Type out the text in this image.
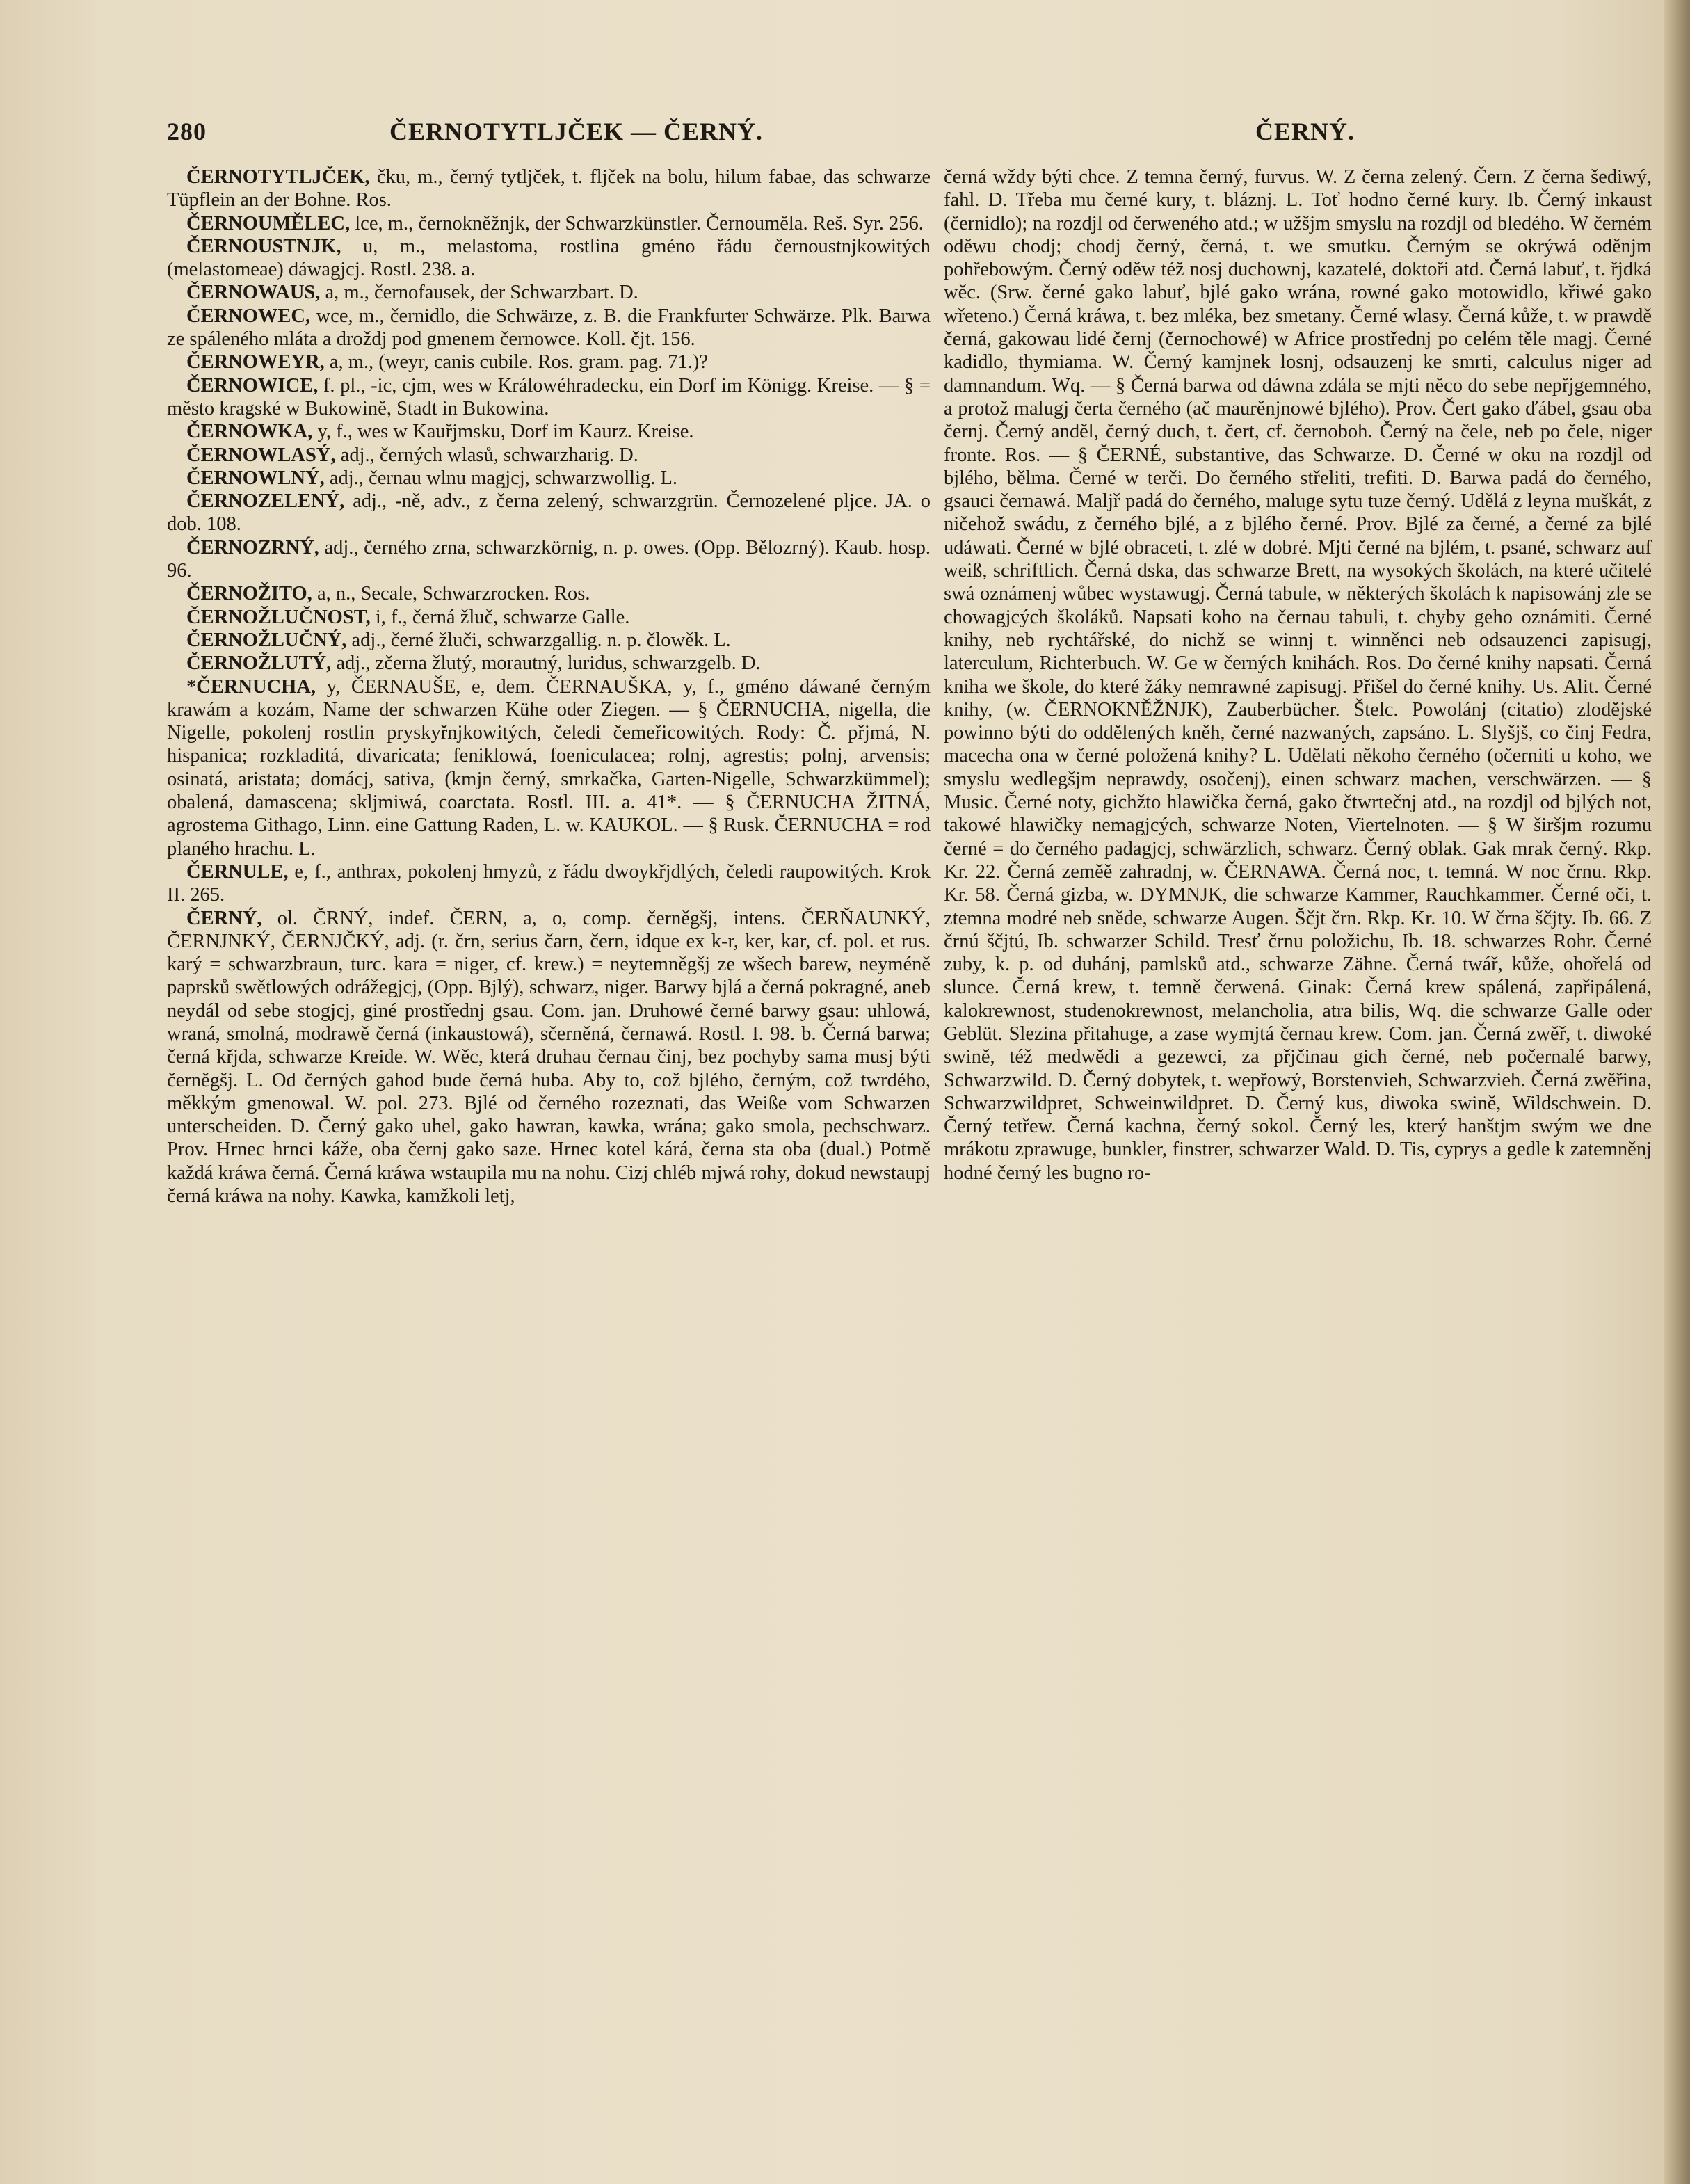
280	ČERNOTYTLJČEK — ČERNÝ.	ČERNÝ.

ČERNOTYTLJČEK, čku, m., černý tytljček, t. fljček na bolu, hilum fabae, das schwarze Tüpflein an der Bohne. Ros.

ČERNOUMĚLEC, lce, m., černokněžnjk, der Schwarzkünstler. Černouměla. Reš. Syr. 256.

ČERNOUSTNJK, u, m., melastoma, rostlina gméno řádu černoustnjkowitých (melastomeae) dáwagjcj. Rostl. 238. a.

ČERNOWAUS, a, m., černofausek, der Schwarzbart. D.

ČERNOWEC, wce, m., černidlo, die Schwärze, z. B. die Frankfurter Schwärze. Plk. Barwa ze spáleného mláta a droždj pod gmenem černowce. Koll. čjt. 156.

ČERNOWEYR, a, m., (weyr, canis cubile. Ros. gram. pag. 71.)?

ČERNOWICE, f. pl., -ic, cjm, wes w Králowéhradecku, ein Dorf im Königg. Kreise. — § = město kragské w Bukowině, Stadt in Bukowina.

ČERNOWKA, y, f., wes w Kauřjmsku, Dorf im Kaurz. Kreise.

ČERNOWLASÝ, adj., černých wlasů, schwarzharig. D.

ČERNOWLNÝ, adj., černau wlnu magjcj, schwarzwollig. L.

ČERNOZELENÝ, adj., -ně, adv., z černa zelený, schwarzgrün. Černozelené pljce. JA. o dob. 108.

ČERNOZRNÝ, adj., černého zrna, schwarzkörnig, n. p. owes. (Opp. Bělozrný). Kaub. hosp. 96.

ČERNOŽITO, a, n., Secale, Schwarzrocken. Ros.

ČERNOŽLUČNOST, i, f., černá žluč, schwarze Galle.

ČERNOŽLUČNÝ, adj., černé žluči, schwarzgallig. n. p. člowěk. L.

ČERNOŽLUTÝ, adj., zčerna žlutý, morautný, luridus, schwarzgelb. D.

*ČERNUCHA, y, ČERNAUŠE, e, dem. ČERNAUŠKA, y, f., gméno dáwané černým krawám a kozám, Name der schwarzen Kühe oder Ziegen. — § ČERNUCHA, nigella, die Nigelle, pokolenj rostlin pryskyřnjkowitých, čeledi čemeřicowitých. Rody: Č. přjmá, N. hispanica; rozkladitá, divaricata; feniklowá, foeniculacea; rolnj, agrestis; polnj, arvensis; osinatá, aristata; domácj, sativa, (kmjn černý, smrkačka, Garten-Nigelle, Schwarzkümmel); obalená, damascena; skljmiwá, coarctata. Rostl. III. a. 41*. — § ČERNUCHA ŽITNÁ, agrostema Githago, Linn. eine Gattung Raden, L. w. KAUKOL. — § Rusk. ČERNUCHA = rod planého hrachu. L.

ČERNULE, e, f., anthrax, pokolenj hmyzů, z řádu dwoykřjdlých, čeledi raupowitých. Krok II. 265.

ČERNÝ, ol. ČRNÝ, indef. ČERN, a, o, comp. černěgšj, intens. ČERŇAUNKÝ, ČERNJNKÝ, ČERNJČKÝ, adj. (r. črn, serius čarn, čern, idque ex k-r, ker, kar, cf. pol. et rus. karý = schwarzbraun, turc. kara = niger, cf. krew.) = neytemněgšj ze wšech barew, neyméně paprsků swětlowých odrážegjcj, (Opp. Bjlý), schwarz, niger. Barwy bjlá a černá pokragné, aneb neydál od sebe stogjcj, giné prostřednj gsau. Com. jan. Druhowé černé barwy gsau: uhlowá, wraná, smolná, modrawě černá (inkaustowá), sčerněná, černawá. Rostl. I. 98. b. Černá barwa; černá křjda, schwarze Kreide. W. Wěc, která druhau černau činj, bez pochyby sama musj býti černěgšj. L. Od černých gahod bude černá huba. Aby to, což bjlého, černým, což twrdého, měkkým gmenowal. W. pol. 273. Bjlé od černého rozeznati, das Weiße vom Schwarzen unterscheiden. D. Černý gako uhel, gako hawran, kawka, wrána; gako smola, pechschwarz. Prov. Hrnec hrnci káže, oba černj gako saze. Hrnec kotel kárá, černa sta oba (dual.) Potmě každá kráwa černá. Černá kráwa wstaupila mu na nohu. Cizj chléb mjwá rohy, dokud newstaupj černá kráwa na nohy. Kawka, kamžkoli letj,

černá wždy býti chce. Z temna černý, furvus. W. Z černa zelený. Čern. Z černa šediwý, fahl. D. Třeba mu černé kury, t. bláznj. L. Toť hodno černé kury. Ib. Černý inkaust (černidlo); na rozdjl od čerweného atd.; w užšjm smyslu na rozdjl od bledého. W černém oděwu chodj; chodj černý, černá, t. we smutku. Černým se okrýwá oděnjm pohřebowým. Černý oděw též nosj duchownj, kazatelé, doktoři atd. Černá labuť, t. řjdká wěc. (Srw. černé gako labuť, bjlé gako wrána, rowné gako motowidlo, křiwé gako wřeteno.) Černá kráwa, t. bez mléka, bez smetany. Černé wlasy. Černá kůže, t. w prawdě černá, gakowau lidé černj (černochowé) w Africe prostřednj po celém těle magj. Černé kadidlo, thymiama. W. Černý kamjnek losnj, odsauzenj ke smrti, calculus niger ad damnandum. Wq. — § Černá barwa od dáwna zdála se mjti něco do sebe nepřjgemného, a protož malugj čerta černého (ač maurěnjnowé bjlého). Prov. Čert gako ďábel, gsau oba černj. Černý anděl, černý duch, t. čert, cf. černoboh. Černý na čele, neb po čele, niger fronte. Ros. — § ČERNÉ, substantive, das Schwarze. D. Černé w oku na rozdjl od bjlého, bělma. Černé w terči. Do černého střeliti, trefiti. D. Barwa padá do černého, gsauci černawá. Maljř padá do černého, maluge sytu tuze černý. Udělá z leyna muškát, z ničehož swádu, z černého bjlé, a z bjlého černé. Prov. Bjlé za černé, a černé za bjlé udáwati. Černé w bjlé obraceti, t. zlé w dobré. Mjti černé na bjlém, t. psané, schwarz auf weiß, schriftlich. Černá dska, das schwarze Brett, na wysokých školách, na které učitelé swá oznámenj wůbec wystawugj. Černá tabule, w některých školách k napisowánj zle se chowagjcých školáků. Napsati koho na černau tabuli, t. chyby geho oznámiti. Černé knihy, neb rychtářské, do nichž se winnj t. winněnci neb odsauzenci zapisugj, laterculum, Richterbuch. W. Ge w černých knihách. Ros. Do černé knihy napsati. Černá kniha we škole, do které žáky nemrawné zapisugj. Přišel do černé knihy. Us. Alit. Černé knihy, (w. ČERNOKNĚŽNJK), Zauberbücher. Štelc. Powolánj (citatio) zlodějské powinno býti do oddělených kněh, černé nazwaných, zapsáno. L. Slyšjš, co činj Fedra, macecha ona w černé položená knihy? L. Udělati někoho černého (očerniti u koho, we smyslu wedlegšjm neprawdy, osočenj), einen schwarz machen, verschwärzen. — § Music. Černé noty, gichžto hlawička černá, gako čtwrtečnj atd., na rozdjl od bjlých not, takowé hlawičky nemagjcých, schwarze Noten, Viertelnoten. — § W širšjm rozumu černé = do černého padagjcj, schwärzlich, schwarz. Černý oblak. Gak mrak černý. Rkp. Kr. 22. Černá zeměě zahradnj, w. ČERNAWA. Černá noc, t. temná. W noc črnu. Rkp. Kr. 58. Černá gizba, w. DYMNJK, die schwarze Kammer, Rauchkammer. Černé oči, t. ztemna modré neb sněde, schwarze Augen. Ščjt črn. Rkp. Kr. 10. W črna ščjty. Ib. 66. Z črnú ščjtú, Ib. schwarzer Schild. Tresť črnu položichu, Ib. 18. schwarzes Rohr. Černé zuby, k. p. od duhánj, pamlsků atd., schwarze Zähne. Černá twář, kůže, ohořelá od slunce. Černá krew, t. temně čerwená. Ginak: Černá krew spálená, zapřipálená, kalokrewnost, studenokrewnost, melancholia, atra bilis, Wq. die schwarze Galle oder Geblüt. Slezina přitahuge, a zase wymjtá černau krew. Com. jan. Černá zwěř, t. diwoké swině, též medwědi a gezewci, za přjčinau gich černé, neb počernalé barwy, Schwarzwild. D. Černý dobytek, t. wepřowý, Borstenvieh, Schwarzvieh. Černá zwěřina, Schwarzwildpret, Schweinwildpret. D. Černý kus, diwoka swině, Wildschwein. D. Černý tetřew. Černá kachna, černý sokol. Černý les, který hanštjm swým we dne mrákotu zprawuge, bunkler, finstrer, schwarzer Wald. D. Tis, cyprys a gedle k zatemněnj hodné černý les bugno ro-
